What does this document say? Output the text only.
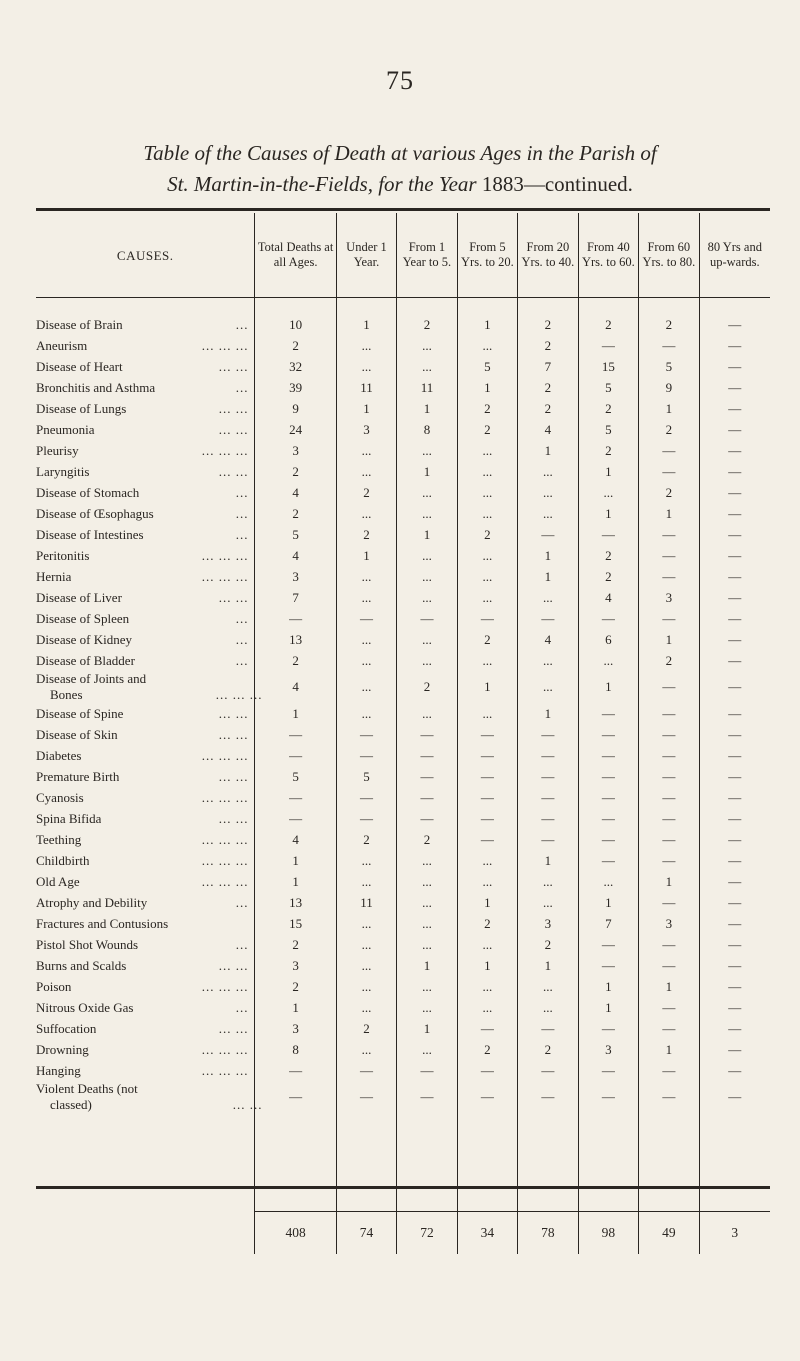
75
Table of the Causes of Death at various Ages in the Parish of
St. Martin-in-the-Fields, for the Year 1883—continued.
CAUSES.	Total Deaths at all Ages.	Under 1 Year.	From 1 Year to 5.	From 5 Yrs. to 20.	From 20 Yrs. to 40.	From 40 Yrs. to 60.	From 60 Yrs. to 80.	80 Yrs and up-wards.

Disease of Brain ...	10	1	2	1	2	2	2	—

Aneurism ... ... ...	2	...	...	...	2	—	—	—

Disease of Heart ... ...	32	...	...	5	7	15	5	—

Bronchitis and Asthma ...	39	11	11	1	2	5	9	—

Disease of Lungs ... ...	9	1	1	2	2	2	1	—

Pneumonia ... ...	24	3	8	2	4	5	2	—

Pleurisy ... ... ...	3	...	...	...	1	2	—	—

Laryngitis ... ...	2	...	1	...	...	1	—	—

Disease of Stomach ...	4	2	...	...	...	...	2	—

Disease of Œsophagus ...	2	...	...	...	...	1	1	—

Disease of Intestines ...	5	2	1	2	—	—	—	—

Peritonitis ... ... ...	4	1	...	...	1	2	—	—

Hernia ... ... ...	3	...	...	...	1	2	—	—

Disease of Liver ... ...	7	...	...	...	...	4	3	—

Disease of Spleen ...	—	—	—	—	—	—	—	—

Disease of Kidney ...	13	...	...	2	4	6	1	—

Disease of Bladder ...	2	...	...	...	...	...	2	—

Disease of Joints and
Bones ... ... ...	4	...	2	1	...	1	—	—

Disease of Spine ... ...	1	...	...	...	1	—	—	—

Disease of Skin ... ...	—	—	—	—	—	—	—	—

Diabetes ... ... ...	—	—	—	—	—	—	—	—

Premature Birth ... ...	5	5	—	—	—	—	—	—

Cyanosis ... ... ...	—	—	—	—	—	—	—	—

Spina Bifida ... ...	—	—	—	—	—	—	—	—

Teething ... ... ...	4	2	2	—	—	—	—	—

Childbirth ... ... ...	1	...	...	...	1	—	—	—

Old Age ... ... ...	1	...	...	...	...	...	1	—

Atrophy and Debility ...	13	11	...	1	...	1	—	—

Fractures and Contusions	15	...	...	2	3	7	3	—

Pistol Shot Wounds ...	2	...	...	...	2	—	—	—

Burns and Scalds ... ...	3	...	1	1	1	—	—	—

Poison ... ... ...	2	...	...	...	...	1	1	—

Nitrous Oxide Gas ...	1	...	...	...	...	1	—	—

Suffocation ... ...	3	2	1	—	—	—	—	—

Drowning ... ... ...	8	...	...	2	2	3	1	—

Hanging ... ... ...	—	—	—	—	—	—	—	—

Violent Deaths (not
classed) ... ...	—	—	—	—	—	—	—	—

	408	74	72	34	78	98	49	3
